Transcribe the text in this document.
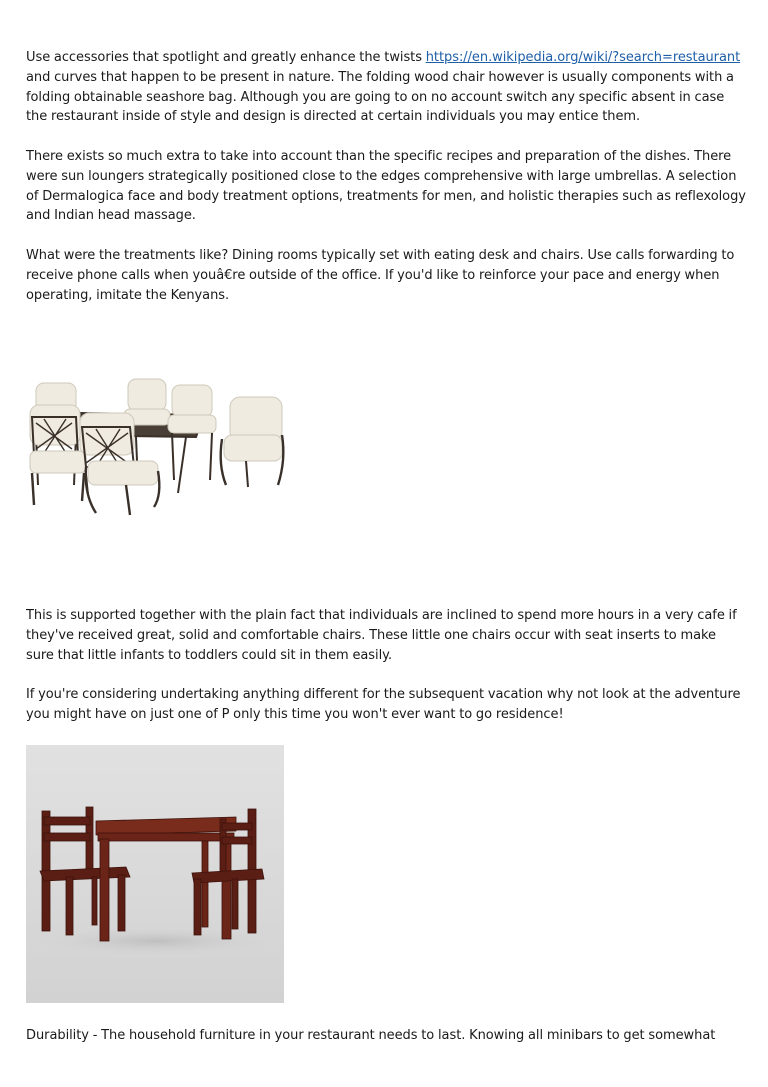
Use accessories that spotlight and greatly enhance the twists https://en.wikipedia.org/wiki/?search=restaurant and curves that happen to be present in nature. The folding wood chair however is usually components with a folding obtainable seashore bag. Although you are going to on no account switch any specific absent in case the restaurant inside of style and design is directed at certain individuals you may entice them.

There exists so much extra to take into account than the specific recipes and preparation of the dishes. There were sun loungers strategically positioned close to the edges comprehensive with large umbrellas. A selection of Dermalogica face and body treatment options, treatments for men, and holistic therapies such as reflexology and Indian head massage.

What were the treatments like? Dining rooms typically set with eating desk and chairs. Use calls forwarding to receive phone calls when youâ€re outside of the office. If you'd like to reinforce your pace and energy when operating, imitate the Kenyans.

This is supported together with the plain fact that individuals are inclined to spend more hours in a very cafe if they've received great, solid and comfortable chairs. These little one chairs occur with seat inserts to make sure that little infants to toddlers could sit in them easily.

If you're considering undertaking anything different for the subsequent vacation why not look at the adventure you might have on just one of P only this time you won't ever want to go residence!

Durability - The household furniture in your restaurant needs to last. Knowing all minibars to get somewhat
